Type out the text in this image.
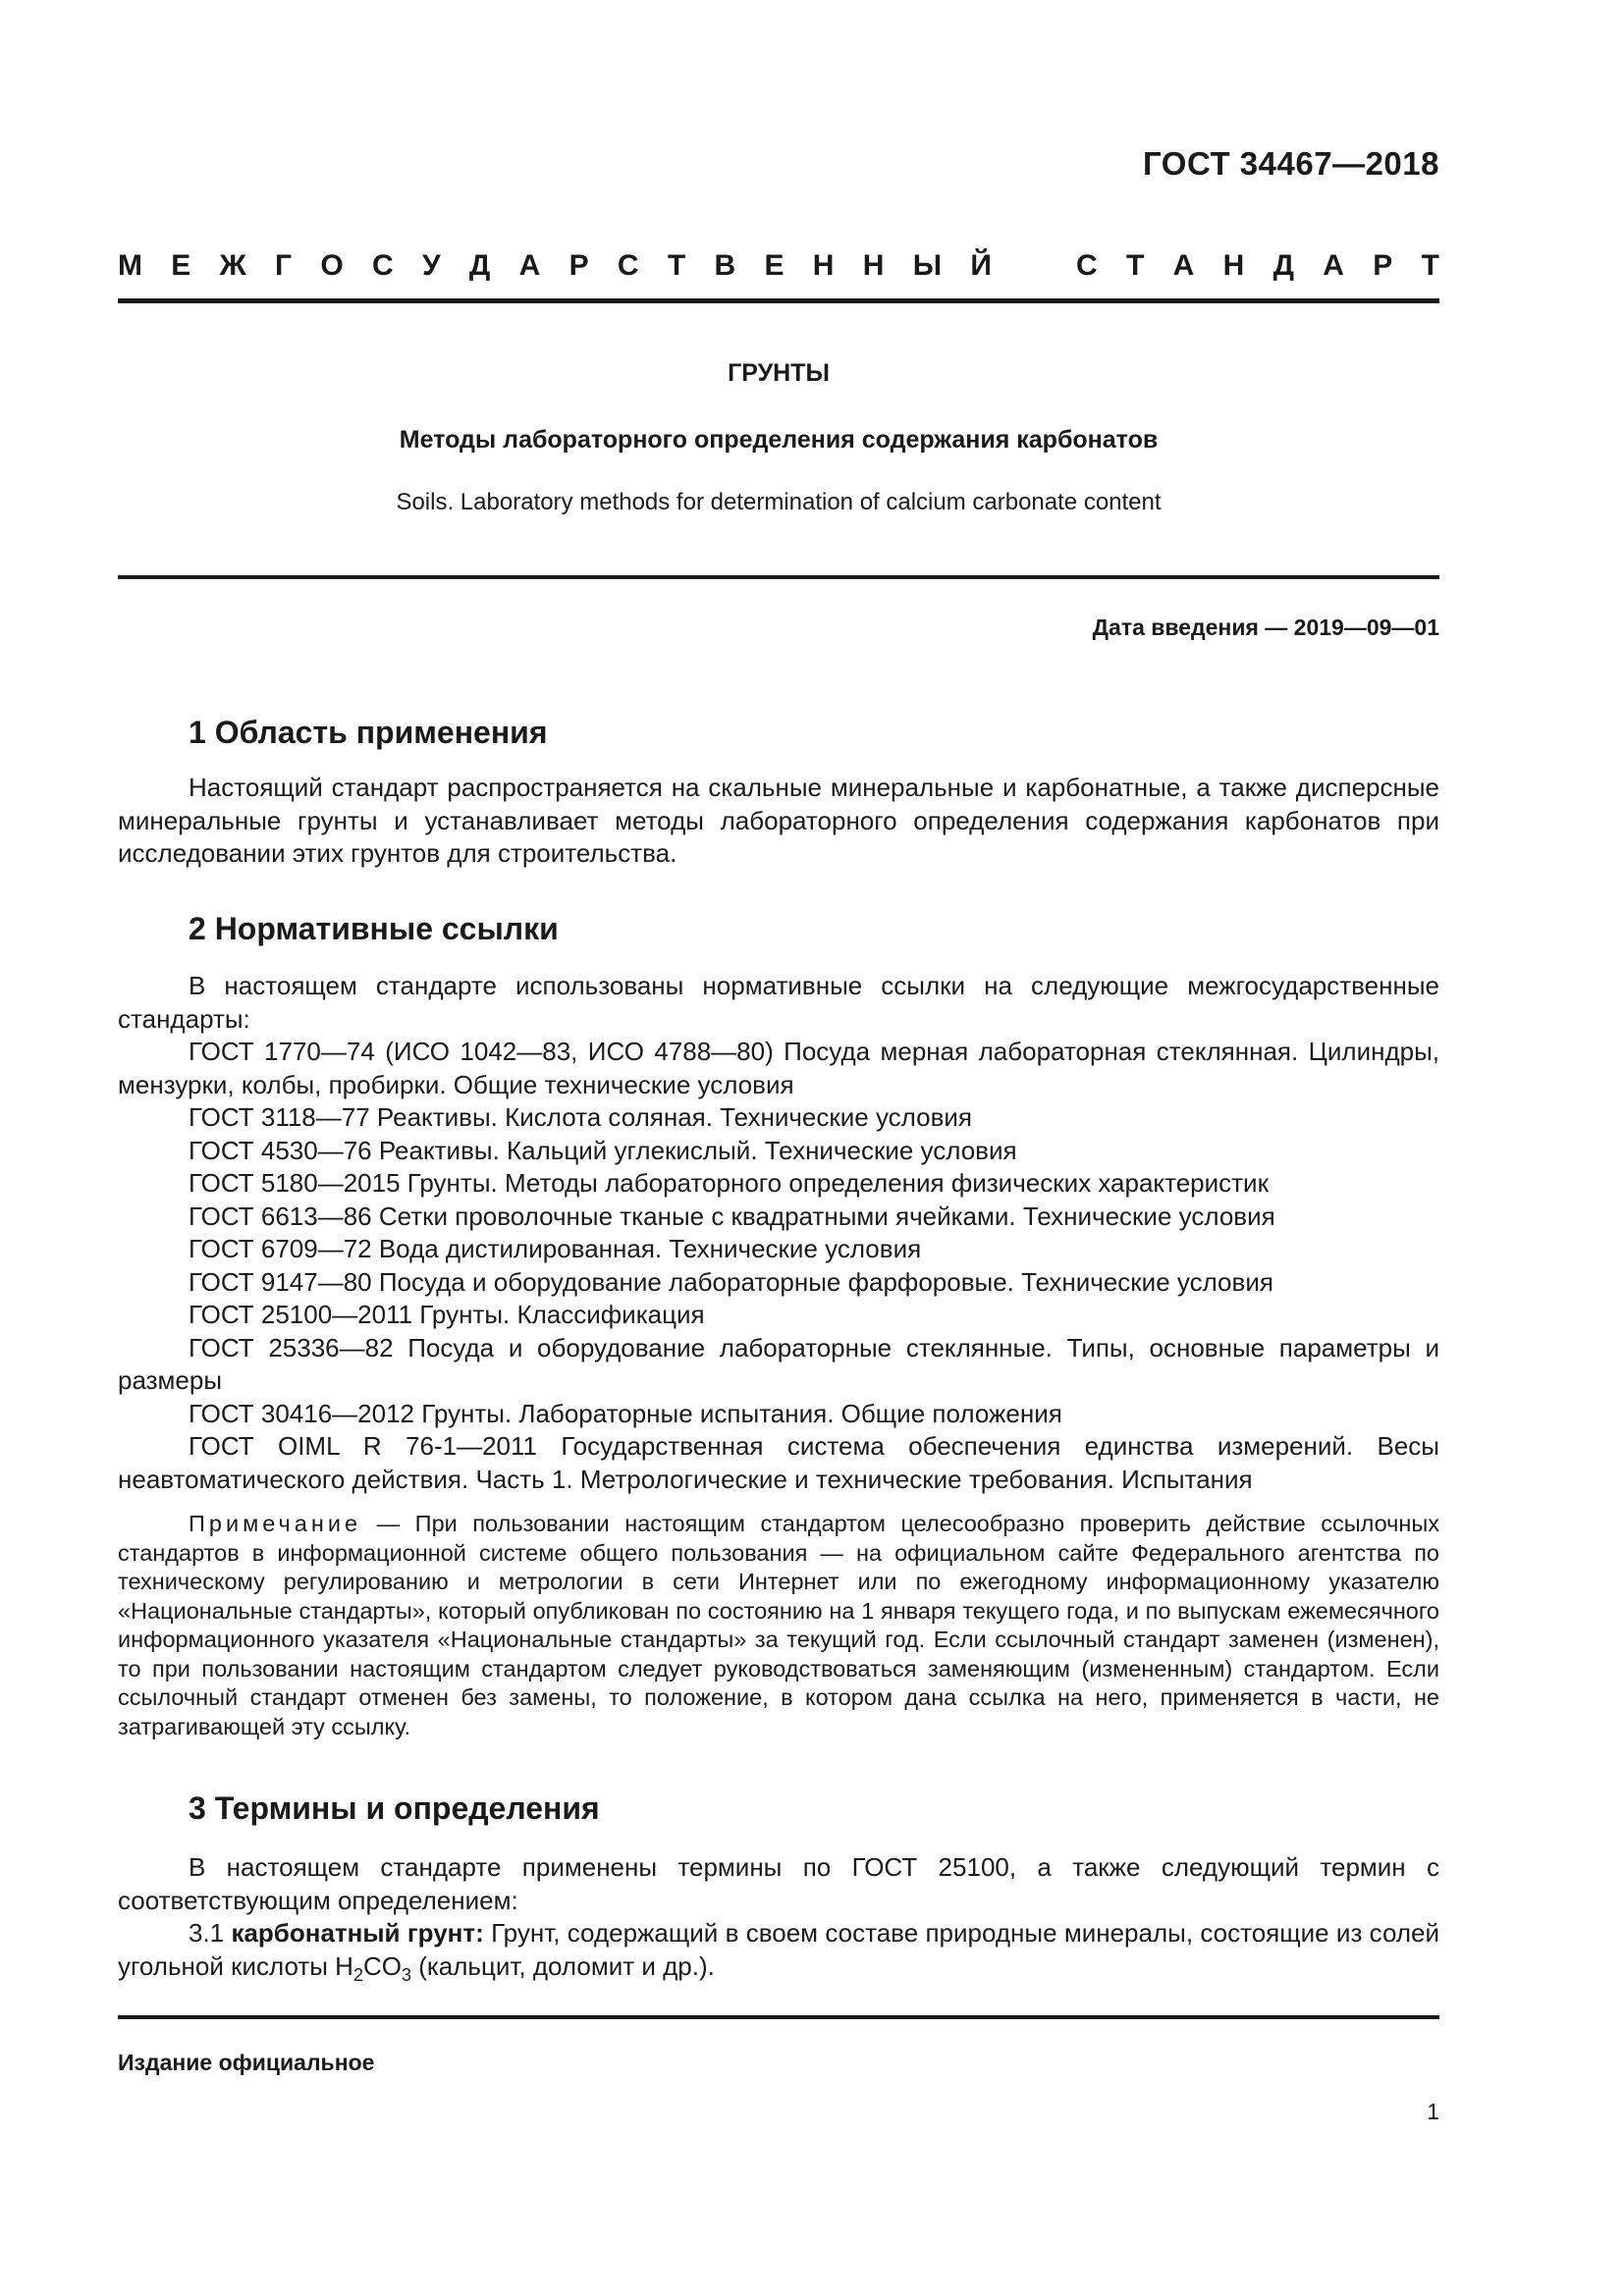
ГОСТ 34467—2018
М Е Ж Г О С У Д А Р С Т В Е Н Н Ы Й	С Т А Н Д А Р Т
ГРУНТЫ
Методы лабораторного определения содержания карбонатов
Soils. Laboratory methods for determination of calcium carbonate content
Дата введения — 2019—09—01
1 Область применения
Настоящий стандарт распространяется на скальные минеральные и карбонатные, а также дисперсные минеральные грунты и устанавливает методы лабораторного определения содержания карбонатов при исследовании этих грунтов для строительства.
2 Нормативные ссылки
В настоящем стандарте использованы нормативные ссылки на следующие межгосударственные стандарты:
ГОСТ 1770—74 (ИСО 1042—83, ИСО 4788—80) Посуда мерная лабораторная стеклянная. Цилиндры, мензурки, колбы, пробирки. Общие технические условия
ГОСТ 3118—77 Реактивы. Кислота соляная. Технические условия
ГОСТ 4530—76 Реактивы. Кальций углекислый. Технические условия
ГОСТ 5180—2015 Грунты. Методы лабораторного определения физических характеристик
ГОСТ 6613—86 Сетки проволочные тканые с квадратными ячейками. Технические условия
ГОСТ 6709—72 Вода дистилированная. Технические условия
ГОСТ 9147—80 Посуда и оборудование лабораторные фарфоровые. Технические условия
ГОСТ 25100—2011 Грунты. Классификация
ГОСТ 25336—82 Посуда и оборудование лабораторные стеклянные. Типы, основные параметры и размеры
ГОСТ 30416—2012 Грунты. Лабораторные испытания. Общие положения
ГОСТ OIML R 76-1—2011 Государственная система обеспечения единства измерений. Весы неавтоматического действия. Часть 1. Метрологические и технические требования. Испытания
Примечание — При пользовании настоящим стандартом целесообразно проверить действие ссылочных стандартов в информационной системе общего пользования — на официальном сайте Федерального агентства по техническому регулированию и метрологии в сети Интернет или по ежегодному информационному указателю «Национальные стандарты», который опубликован по состоянию на 1 января текущего года, и по выпускам ежемесячного информационного указателя «Национальные стандарты» за текущий год. Если ссылочный стандарт заменен (изменен), то при пользовании настоящим стандартом следует руководствоваться заменяющим (измененным) стандартом. Если ссылочный стандарт отменен без замены, то положение, в котором дана ссылка на него, применяется в части, не затрагивающей эту ссылку.
3 Термины и определения
В настоящем стандарте применены термины по ГОСТ 25100, а также следующий термин с соответствующим определением:
3.1 карбонатный грунт: Грунт, содержащий в своем составе природные минералы, состоящие из солей угольной кислоты $H_2CO_3$ (кальцит, доломит и др.).
Издание официальное
1
